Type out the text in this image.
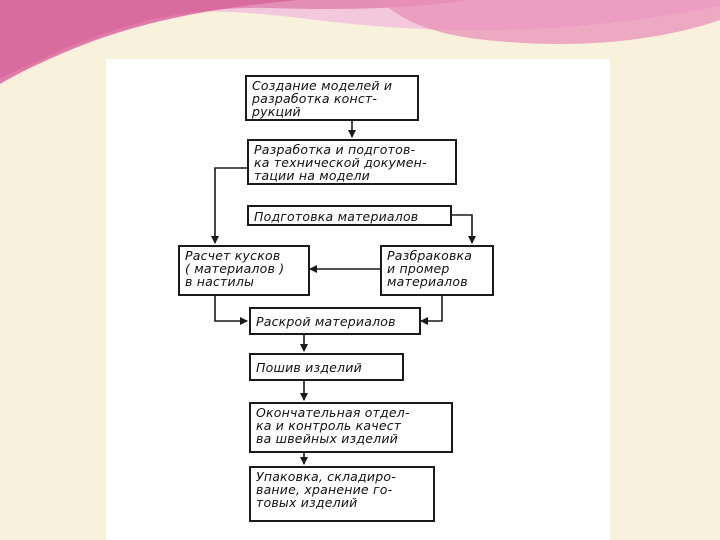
Создание моделей и
разработка конст-
рукций
Разработка и подготов-
ка технической докумен-
тации на модели
Подготовка материалов
Расчет кусков
( материалов )
в настилы
Разбраковка
и промер
материалов
Раскрой материалов
Пошив изделий
Окончательная отдел-
ка и контроль качест
ва швейных изделий
Упаковка, складиро-
вание, хранение го-
товых изделий
